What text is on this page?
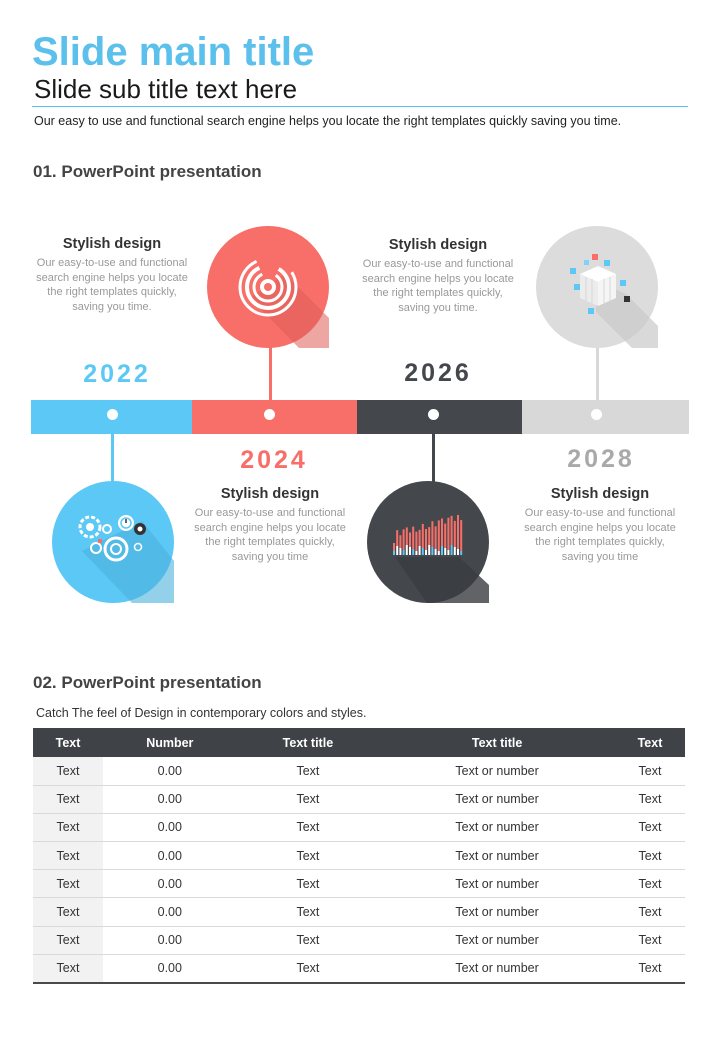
Slide main title
Slide sub title text here
Our easy to use and functional search engine helps you locate the right templates quickly saving you time.
01. PowerPoint presentation
Stylish design
Our easy-to-use and functional search engine helps you locate the right templates quickly, saving you time.
Stylish design
Our easy-to-use and functional search engine helps you locate the right templates quickly, saving you time.
2022	2026
2024	2028
Stylish design
Our easy-to-use and functional search engine helps you locate the right templates quickly, saving you time
Stylish design
Our easy-to-use and functional search engine helps you locate the right templates quickly, saving you time
02. PowerPoint presentation
Catch The feel of Design in contemporary colors and styles.
Text	Number	Text title	Text title	Text
Text	0.00	Text	Text or number	Text
Text	0.00	Text	Text or number	Text
Text	0.00	Text	Text or number	Text
Text	0.00	Text	Text or number	Text
Text	0.00	Text	Text or number	Text
Text	0.00	Text	Text or number	Text
Text	0.00	Text	Text or number	Text
Text	0.00	Text	Text or number	Text
